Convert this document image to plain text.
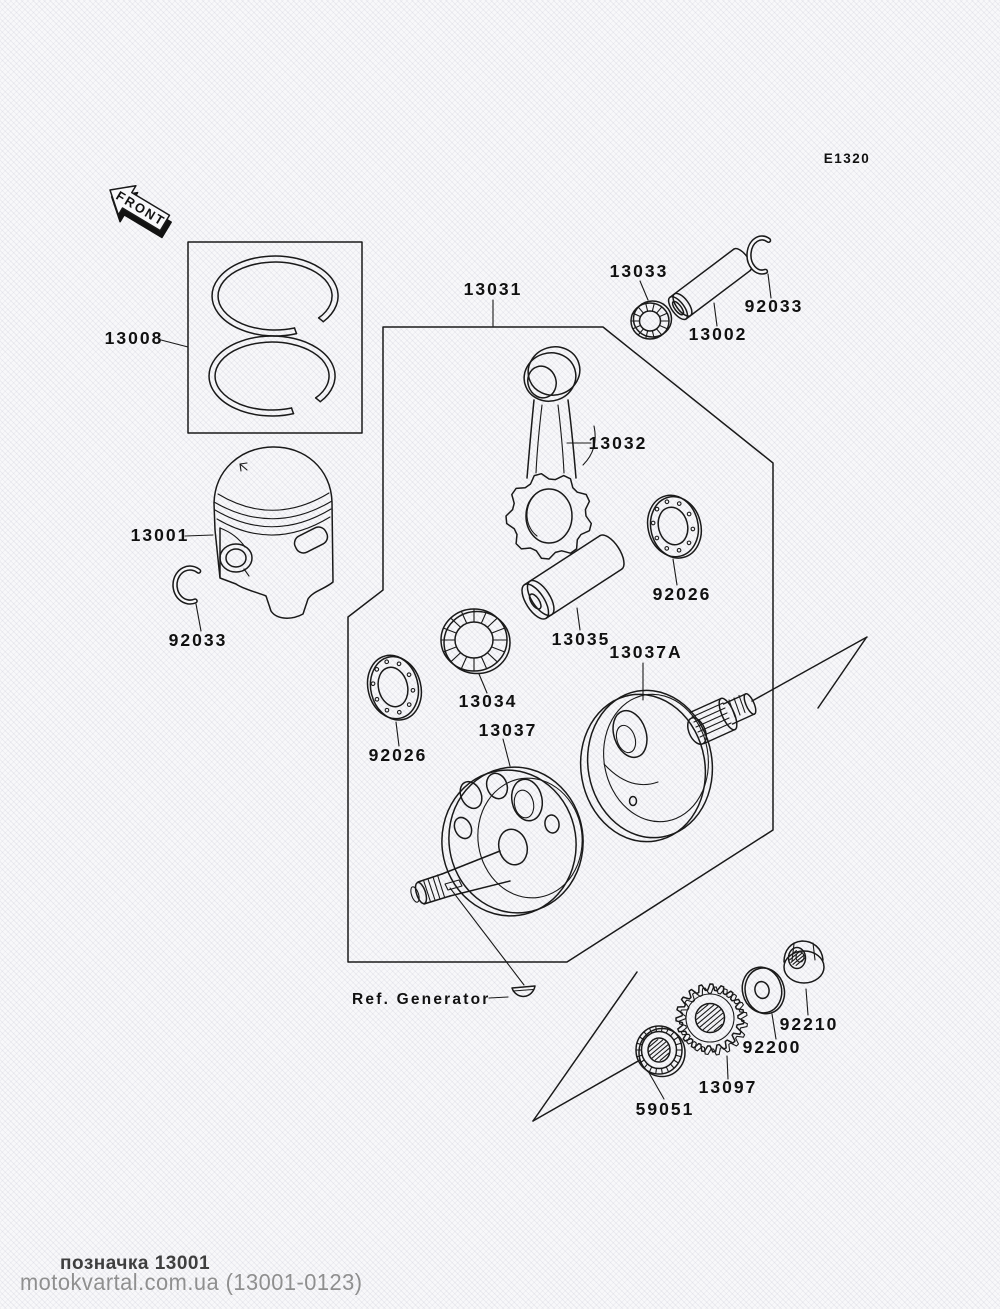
E1320
FRONT
13008
13031
13033
13002
92033
13032
13001
92033
92026
13035
13034
92026
13037
13037A
Ref. Generator
59051
13097
92200
92210
позначка 13001
motokvartal.com.ua (13001-0123)
